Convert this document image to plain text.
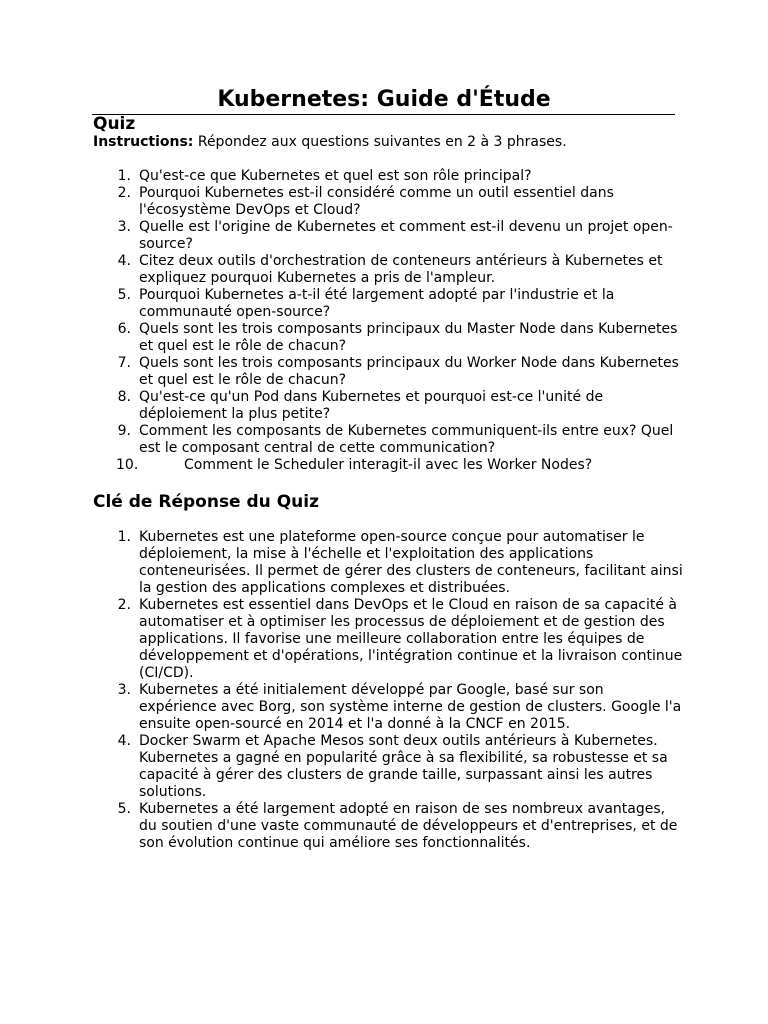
Kubernetes: Guide d'Étude
Quiz
Instructions: Répondez aux questions suivantes en 2 à 3 phrases.
1. Qu'est-ce que Kubernetes et quel est son rôle principal?
2. Pourquoi Kubernetes est-il considéré comme un outil essentiel dans l'écosystème DevOps et Cloud?
3. Quelle est l'origine de Kubernetes et comment est-il devenu un projet open-source?
4. Citez deux outils d'orchestration de conteneurs antérieurs à Kubernetes et expliquez pourquoi Kubernetes a pris de l'ampleur.
5. Pourquoi Kubernetes a-t-il été largement adopté par l'industrie et la communauté open-source?
6. Quels sont les trois composants principaux du Master Node dans Kubernetes et quel est le rôle de chacun?
7. Quels sont les trois composants principaux du Worker Node dans Kubernetes et quel est le rôle de chacun?
8. Qu'est-ce qu'un Pod dans Kubernetes et pourquoi est-ce l'unité de déploiement la plus petite?
9. Comment les composants de Kubernetes communiquent-ils entre eux? Quel est le composant central de cette communication?
10.	Comment le Scheduler interagit-il avec les Worker Nodes?
Clé de Réponse du Quiz
1. Kubernetes est une plateforme open-source conçue pour automatiser le déploiement, la mise à l'échelle et l'exploitation des applications conteneurisées. Il permet de gérer des clusters de conteneurs, facilitant ainsi la gestion des applications complexes et distribuées.
2. Kubernetes est essentiel dans DevOps et le Cloud en raison de sa capacité à automatiser et à optimiser les processus de déploiement et de gestion des applications. Il favorise une meilleure collaboration entre les équipes de développement et d'opérations, l'intégration continue et la livraison continue (CI/CD).
3. Kubernetes a été initialement développé par Google, basé sur son expérience avec Borg, son système interne de gestion de clusters. Google l'a ensuite open-sourcé en 2014 et l'a donné à la CNCF en 2015.
4. Docker Swarm et Apache Mesos sont deux outils antérieurs à Kubernetes. Kubernetes a gagné en popularité grâce à sa flexibilité, sa robustesse et sa capacité à gérer des clusters de grande taille, surpassant ainsi les autres solutions.
5. Kubernetes a été largement adopté en raison de ses nombreux avantages, du soutien d'une vaste communauté de développeurs et d'entreprises, et de son évolution continue qui améliore ses fonctionnalités.
